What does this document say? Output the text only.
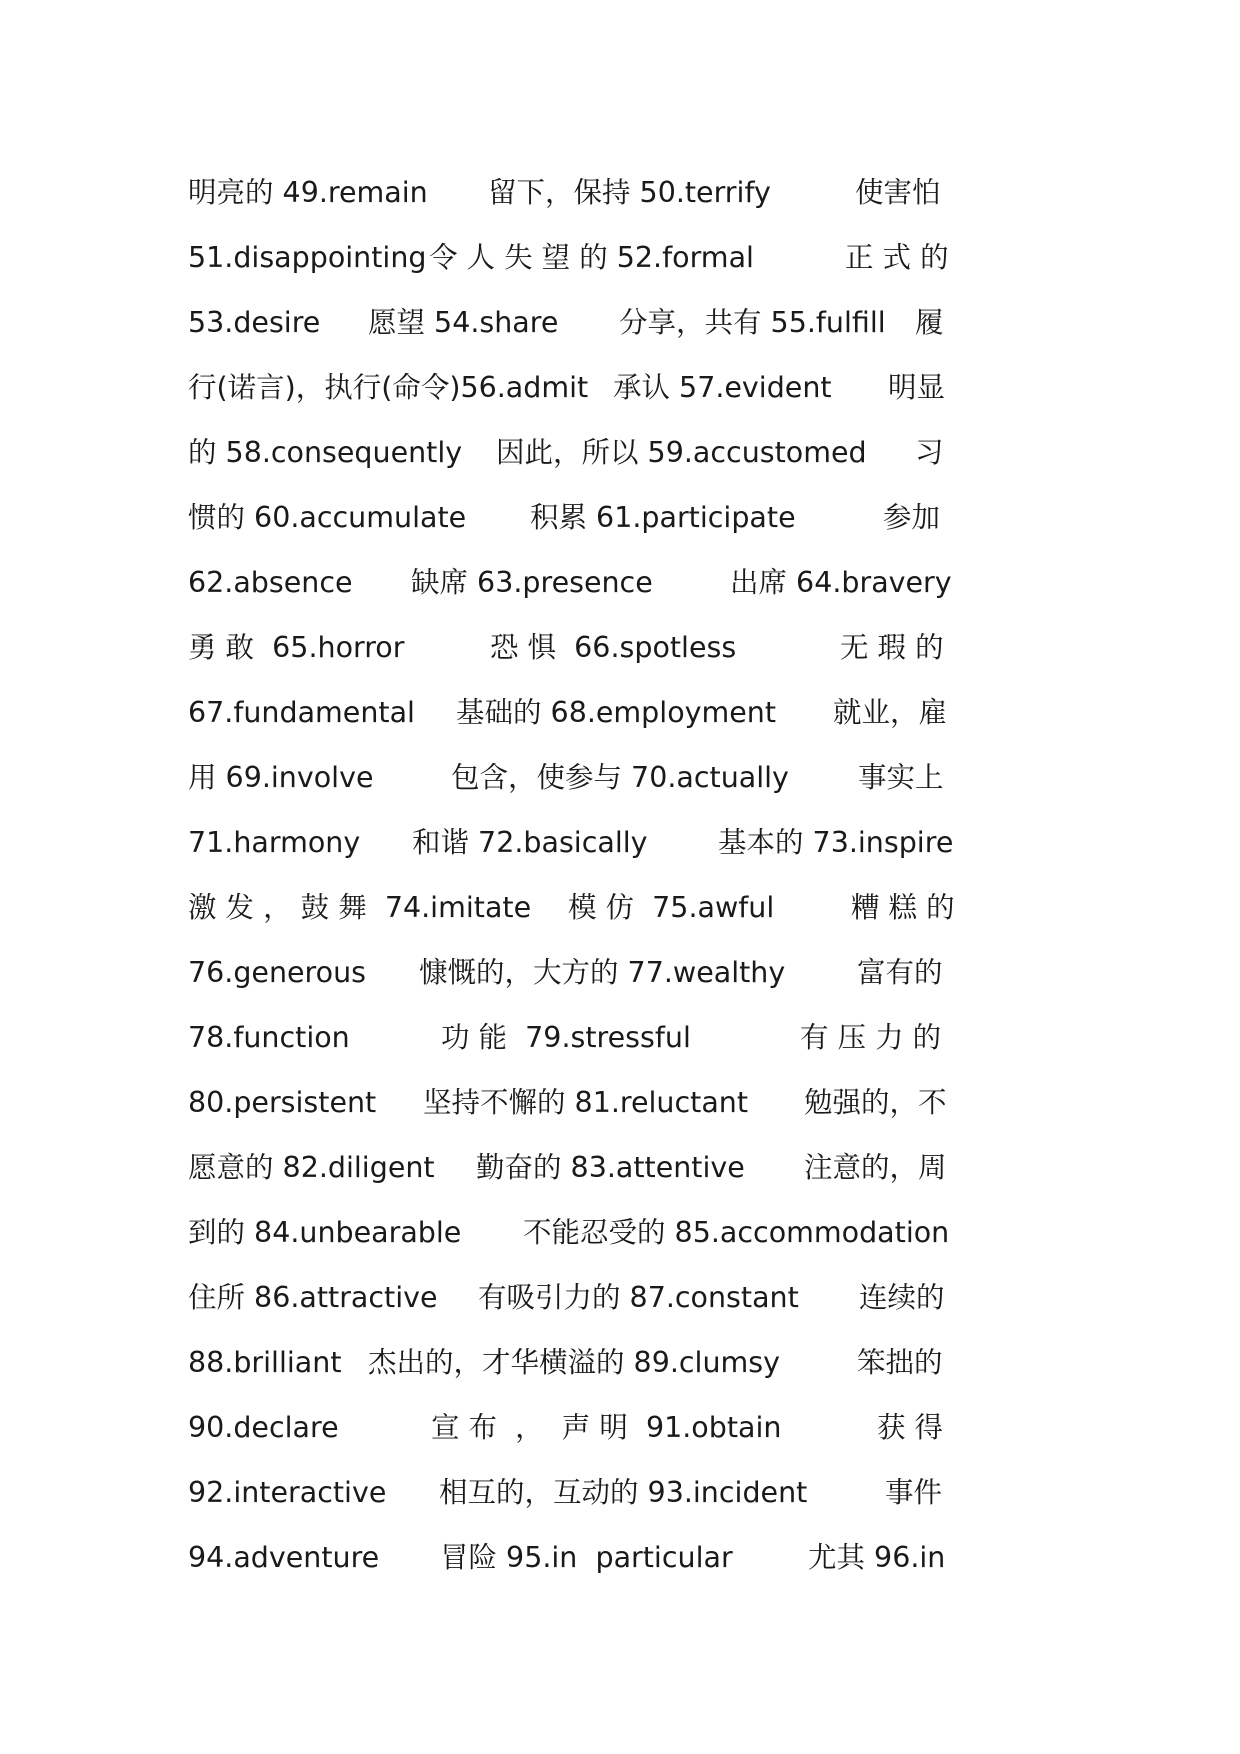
明亮的 49.remain

留下，保持 50.terrify

	使害怕

51.disappointing

令 人 失 望 的 52.formal

	正 式 的

53.desire

愿望 54.share

分享，共有 55.fulfill

履

行(诺言)，执行(命令)56.admit

承认 57.evident

明显

的 58.consequently

因此，所以 59.accustomed

习

惯的 60.accumulate

积累 61.participate

	参加

62.absence

缺席 63.presence

	出席 64.bravery

勇 敢  65.horror

	恐 惧  66.spotless

	无 瑕 的

67.fundamental

基础的 68.employment

就业，雇

用 69.involve

	包含，使参与 70.actually

事实上

71.harmony

和谐 72.basically

基本的 73.inspire

激 发 ， 鼓 舞  74.imitate

模 仿  75.awful

	糟 糕 的

76.generous

慷慨的，大方的 77.wealthy

	富有的

78.function

	功 能  79.stressful

	有 压 力 的

80.persistent

坚持不懈的 81.reluctant

勉强的，不

愿意的 82.diligent

勤奋的 83.attentive

注意的，周

到的 84.unbearable

不能忍受的 85.accommodation

住所 86.attractive

有吸引力的 87.constant

连续的

88.brilliant

杰出的，才华横溢的 89.clumsy

	笨拙的

90.declare

	宣 布  ，  声 明  91.obtain

	获 得

92.interactive

相互的，互动的 93.incident

	事件

94.adventure

冒险 95.in  particular

	尤其 96.in
